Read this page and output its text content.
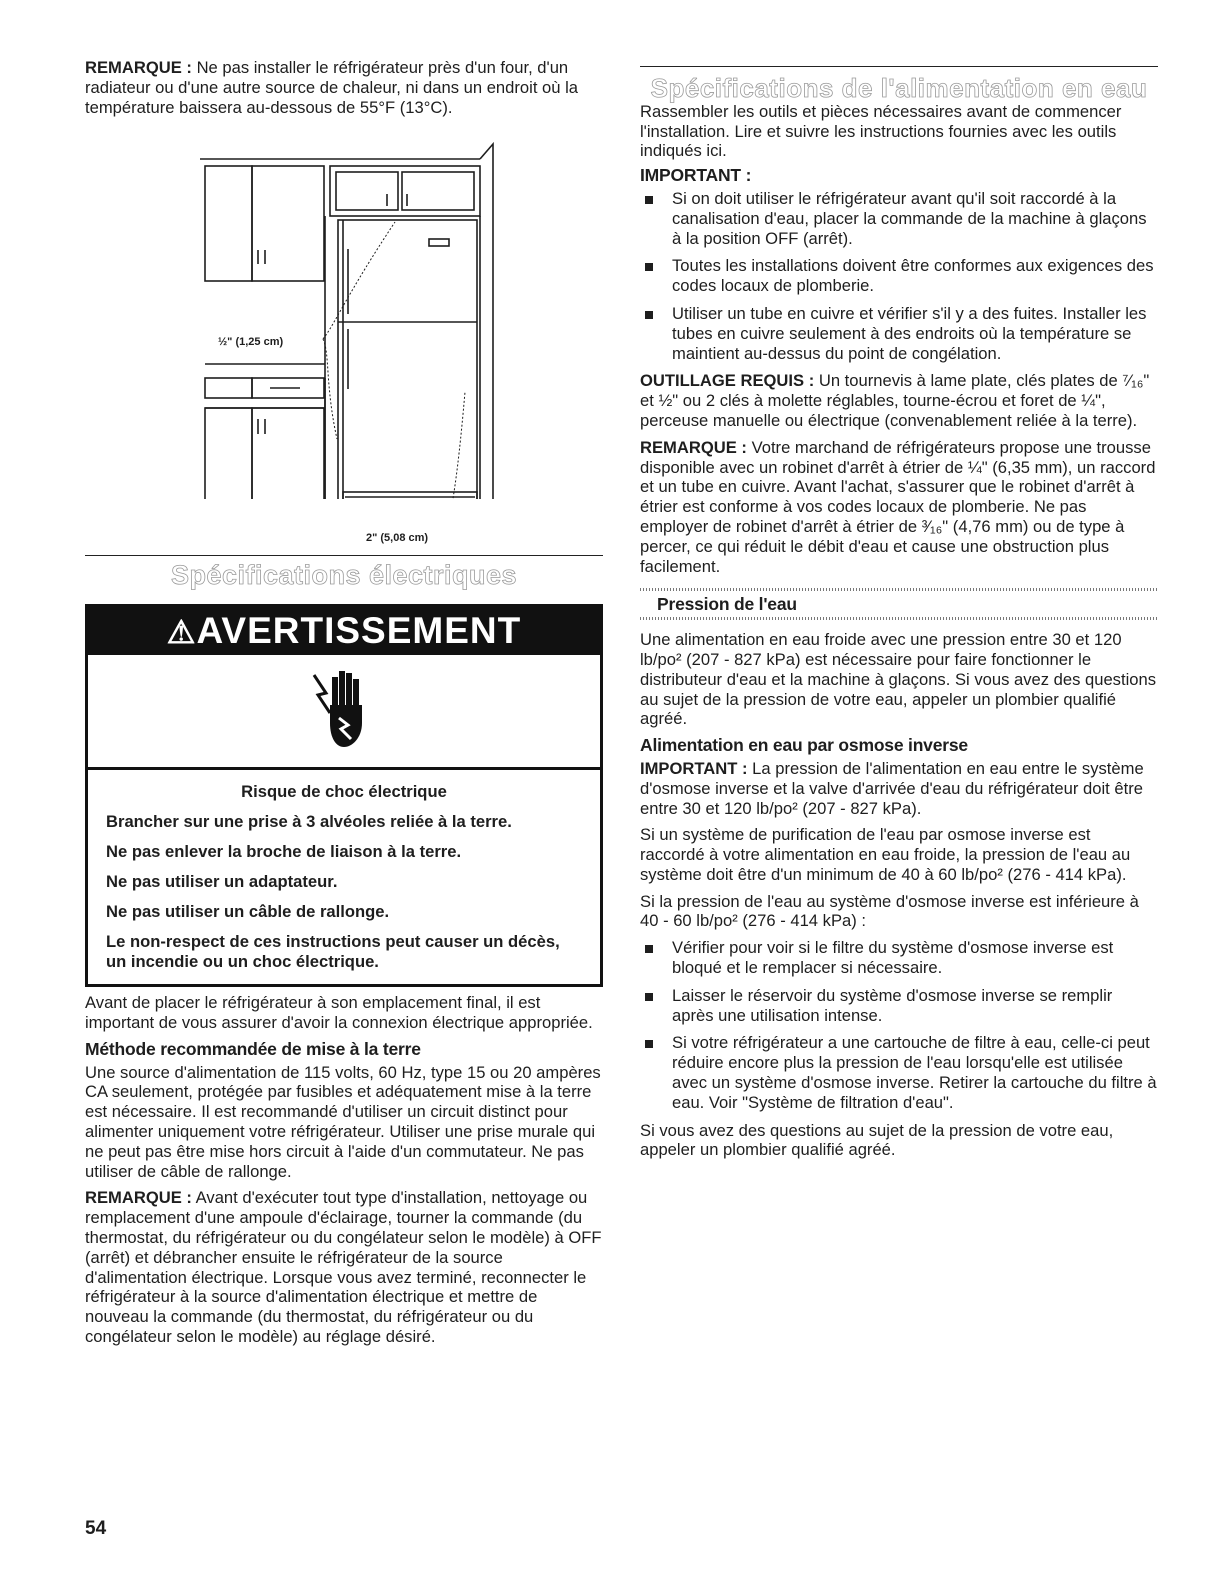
REMARQUE : Ne pas installer le réfrigérateur près d'un four, d'un radiateur ou d'une autre source de chaleur, ni dans un endroit où la température baissera au-dessous de 55°F (13°C).

½" (1,25 cm)
2" (5,08 cm)
Spécifications électriques
⚠AVERTISSEMENT

Risque de choc électrique

Brancher sur une prise à 3 alvéoles reliée à la terre.

Ne pas enlever la broche de liaison à la terre.

Ne pas utiliser un adaptateur.

Ne pas utiliser un câble de rallonge.

Le non-respect de ces instructions peut causer un décès, un incendie ou un choc électrique.

Avant de placer le réfrigérateur à son emplacement final, il est important de vous assurer d'avoir la connexion électrique appropriée.

Méthode recommandée de mise à la terre

Une source d'alimentation de 115 volts, 60 Hz, type 15 ou 20 ampères CA seulement, protégée par fusibles et adéquatement mise à la terre est nécessaire. Il est recommandé d'utiliser un circuit distinct pour alimenter uniquement votre réfrigérateur. Utiliser une prise murale qui ne peut pas être mise hors circuit à l'aide d'un commutateur. Ne pas utiliser de câble de rallonge.

REMARQUE : Avant d'exécuter tout type d'installation, nettoyage ou remplacement d'une ampoule d'éclairage, tourner la commande (du thermostat, du réfrigérateur ou du congélateur selon le modèle) à OFF (arrêt) et débrancher ensuite le réfrigérateur de la source d'alimentation électrique. Lorsque vous avez terminé, reconnecter le réfrigérateur à la source d'alimentation électrique et mettre de nouveau la commande (du thermostat, du réfrigérateur ou du congélateur selon le modèle) au réglage désiré.

Spécifications de l'alimentation en eau

Rassembler les outils et pièces nécessaires avant de commencer l'installation. Lire et suivre les instructions fournies avec les outils indiqués ici.

IMPORTANT :
Si on doit utiliser le réfrigérateur avant qu'il soit raccordé à la canalisation d'eau, placer la commande de la machine à glaçons à la position OFF (arrêt).
Toutes les installations doivent être conformes aux exigences des codes locaux de plomberie.
Utiliser un tube en cuivre et vérifier s'il y a des fuites. Installer les tubes en cuivre seulement à des endroits où la température se maintient au-dessus du point de congélation.

OUTILLAGE REQUIS : Un tournevis à lame plate, clés plates de ⁷⁄₁₆" et ½" ou 2 clés à molette réglables, tourne-écrou et foret de ¼", perceuse manuelle ou électrique (convenablement reliée à la terre).

REMARQUE : Votre marchand de réfrigérateurs propose une trousse disponible avec un robinet d'arrêt à étrier de ¼" (6,35 mm), un raccord et un tube en cuivre. Avant l'achat, s'assurer que le robinet d'arrêt à étrier est conforme à vos codes locaux de plomberie. Ne pas employer de robinet d'arrêt à étrier de ³⁄₁₆" (4,76 mm) ou de type à percer, ce qui réduit le débit d'eau et cause une obstruction plus facilement.

Pression de l'eau

Une alimentation en eau froide avec une pression entre 30 et 120 lb/po² (207 - 827 kPa) est nécessaire pour faire fonctionner le distributeur d'eau et la machine à glaçons. Si vous avez des questions au sujet de la pression de votre eau, appeler un plombier qualifié agréé.

Alimentation en eau par osmose inverse

IMPORTANT : La pression de l'alimentation en eau entre le système d'osmose inverse et la valve d'arrivée d'eau du réfrigérateur doit être entre 30 et 120 lb/po² (207 - 827 kPa).

Si un système de purification de l'eau par osmose inverse est raccordé à votre alimentation en eau froide, la pression de l'eau au système doit être d'un minimum de 40 à 60 lb/po² (276 - 414 kPa).

Si la pression de l'eau au système d'osmose inverse est inférieure à 40 - 60 lb/po² (276 - 414 kPa) :

Vérifier pour voir si le filtre du système d'osmose inverse est bloqué et le remplacer si nécessaire.
Laisser le réservoir du système d'osmose inverse se remplir après une utilisation intense.
Si votre réfrigérateur a une cartouche de filtre à eau, celle-ci peut réduire encore plus la pression de l'eau lorsqu'elle est utilisée avec un système d'osmose inverse. Retirer la cartouche du filtre à eau. Voir "Système de filtration d'eau".

Si vous avez des questions au sujet de la pression de votre eau, appeler un plombier qualifié agréé.

54
